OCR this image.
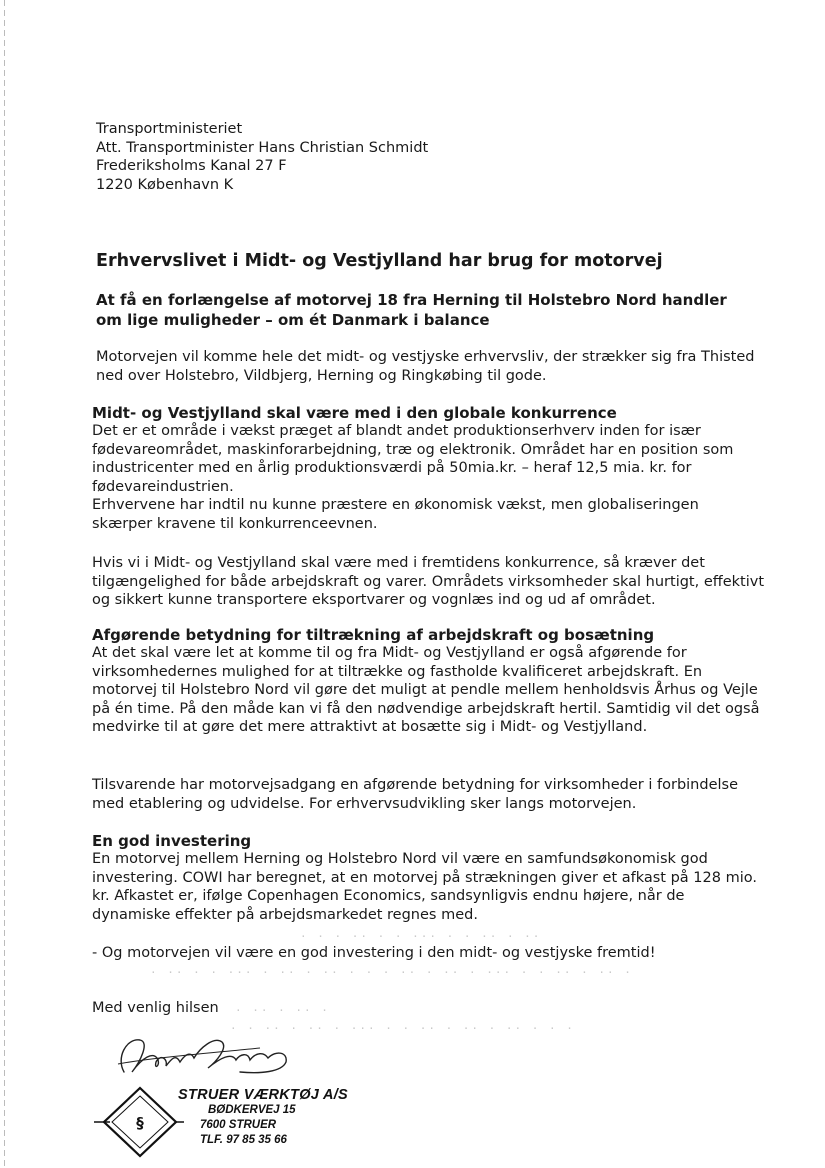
Transportministeriet
Att. Transportminister Hans Christian Schmidt
Frederiksholms Kanal 27 F
1220 København K
Erhvervslivet i Midt- og Vestjylland har brug for motorvej

At få en forlængelse af motorvej 18 fra Herning til Holstebro Nord handler om lige muligheder – om ét Danmark i balance

Motorvejen vil komme hele det midt- og vestjyske erhvervsliv, der strækker sig fra Thisted ned over Holstebro, Vildbjerg, Herning og Ringkøbing til gode.

Midt- og Vestjylland skal være med i den globale konkurrence

Det er et område i vækst præget af blandt andet produktionserhverv inden for især fødevareområdet, maskinforarbejdning, træ og elektronik. Området har en position som industricenter med en årlig produktionsværdi på 50mia.kr. – heraf 12,5 mia. kr. for fødevareindustrien.

Erhvervene har indtil nu kunne præstere en økonomisk vækst, men globaliseringen skærper kravene til konkurrenceevnen.

Hvis vi i Midt- og Vestjylland skal være med i fremtidens konkurrence, så kræver det tilgængelighed for både arbejdskraft og varer. Områdets virksomheder skal hurtigt, effektivt og sikkert kunne transportere eksportvarer og vognlæs ind og ud af området.

Afgørende betydning for tiltrækning af arbejdskraft og bosætning

At det skal være let at komme til og fra Midt- og Vestjylland er også afgørende for virksomhedernes mulighed for at tiltrække og fastholde kvalificeret arbejdskraft. En motorvej til Holstebro Nord vil gøre det muligt at pendle mellem henholdsvis Århus og Vejle på én time. På den måde kan vi få den nødvendige arbejdskraft hertil. Samtidig vil det også medvirke til at gøre det mere attraktivt at bosætte sig i Midt- og Vestjylland.

Tilsvarende har motorvejsadgang en afgørende betydning for virksomheder i forbindelse med etablering og udvidelse. For erhvervsudvikling sker langs motorvejen.

En god investering

En motorvej mellem Herning og Holstebro Nord vil være en samfundsøkonomisk god investering. COWI har beregnet, at en motorvej på strækningen giver et afkast på 128 mio. kr. Afkastet er, ifølge Copenhagen Economics, sandsynligvis endnu højere, når de dynamiske effekter på arbejdsmarkedet regnes med.

- Og motorvejen vil være en god investering i den midt- og vestjyske fremtid!

· · · ·· · · ··· · · ·· · ··
· ·· · · ··· · ·· · ·· · · · ·· · ·· · ··· · · ·· · ·· ·
· ·· · ·· ·
· · ·· · ·· · ··· · · ·· · ·· · ·· · · ·

Med venlig hilsen

§
STRUER VÆRKTØJ A/S
BØDKERVEJ 15
7600 STRUER
TLF. 97 85 35 66
